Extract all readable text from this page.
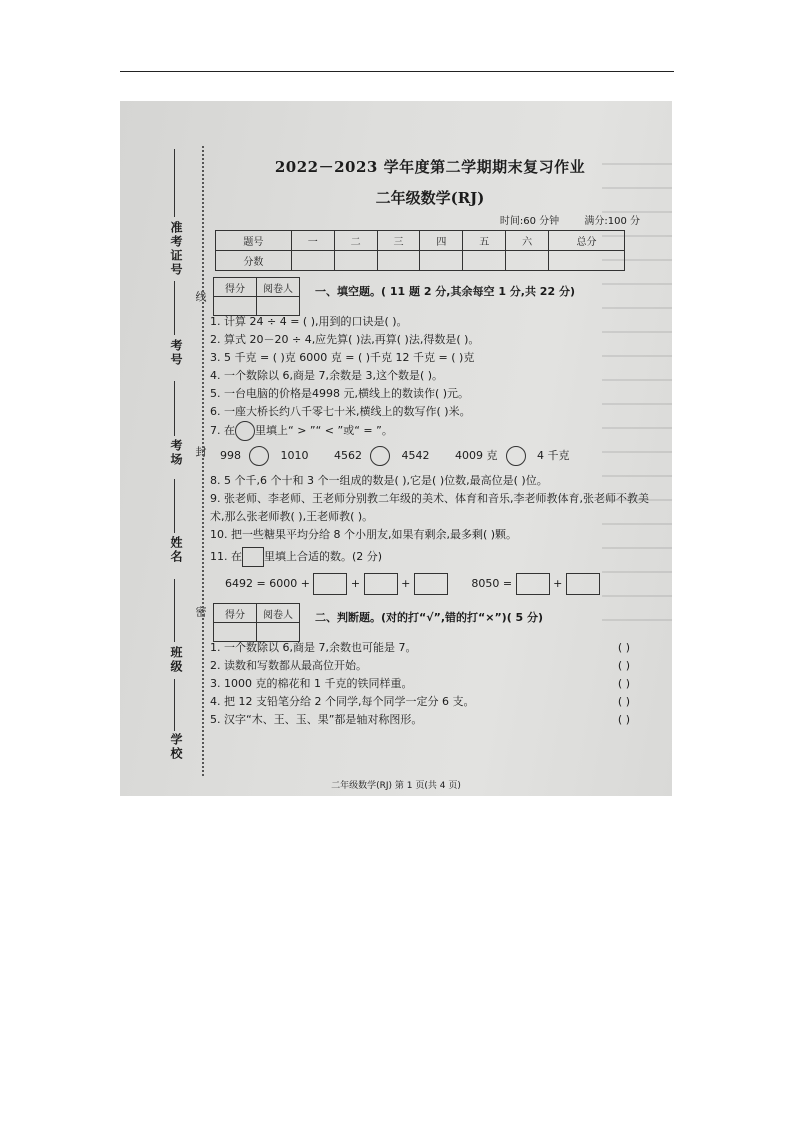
准考证号
考号
考场
姓名
班级
学校
线
封
密
2022－2023 学年度第二学期期末复习作业
二年级数学(RJ)
时间:60 分钟	满分:100 分
题号	一	二	三	四	五	六	总分
分数							
得分	阅卷人
	一、填空题。( 11 题 2 分,其余每空 1 分,共 22 分)
1. 计算 24 ÷ 4 = ( ),用到的口诀是( )。
2. 算式 20－20 ÷ 4,应先算( )法,再算( )法,得数是( )。
3. 5 千克 = ( )克 6000 克 = ( )千克 12 千克 = ( )克
4. 一个数除以 6,商是 7,余数是 3,这个数是( )。
5. 一台电脑的价格是4998 元,横线上的数读作( )元。
6. 一座大桥长约八千零七十米,横线上的数写作( )米。
7. 在 里填上“ > ”“ < ”或“ = ”。
998	1010 4562	4542 4009 克	4 千克
8. 5 个千,6 个十和 3 个一组成的数是( ),它是( )位数,最高位是( )位。
9. 张老师、李老师、王老师分别教二年级的美术、体育和音乐,李老师教体育,张老师不教美术,那么张老师教( ),王老师教( )。
10. 把一些糖果平均分给 8 个小朋友,如果有剩余,最多剩( )颗。
11. 在 里填上合适的数。(2 分)
6492 = 6000 +	+	+	8050 =	+
得分	阅卷人
	二、判断题。(对的打“√”,错的打“×”)( 5 分)
1. 一个数除以 6,商是 7,余数也可能是 7。	( )
2. 读数和写数都从最高位开始。	( )
3. 1000 克的棉花和 1 千克的铁同样重。	( )
4. 把 12 支铅笔分给 2 个同学,每个同学一定分 6 支。	( )
5. 汉字“木、王、玉、果”都是轴对称图形。	( )
二年级数学(RJ) 第 1 页(共 4 页)
